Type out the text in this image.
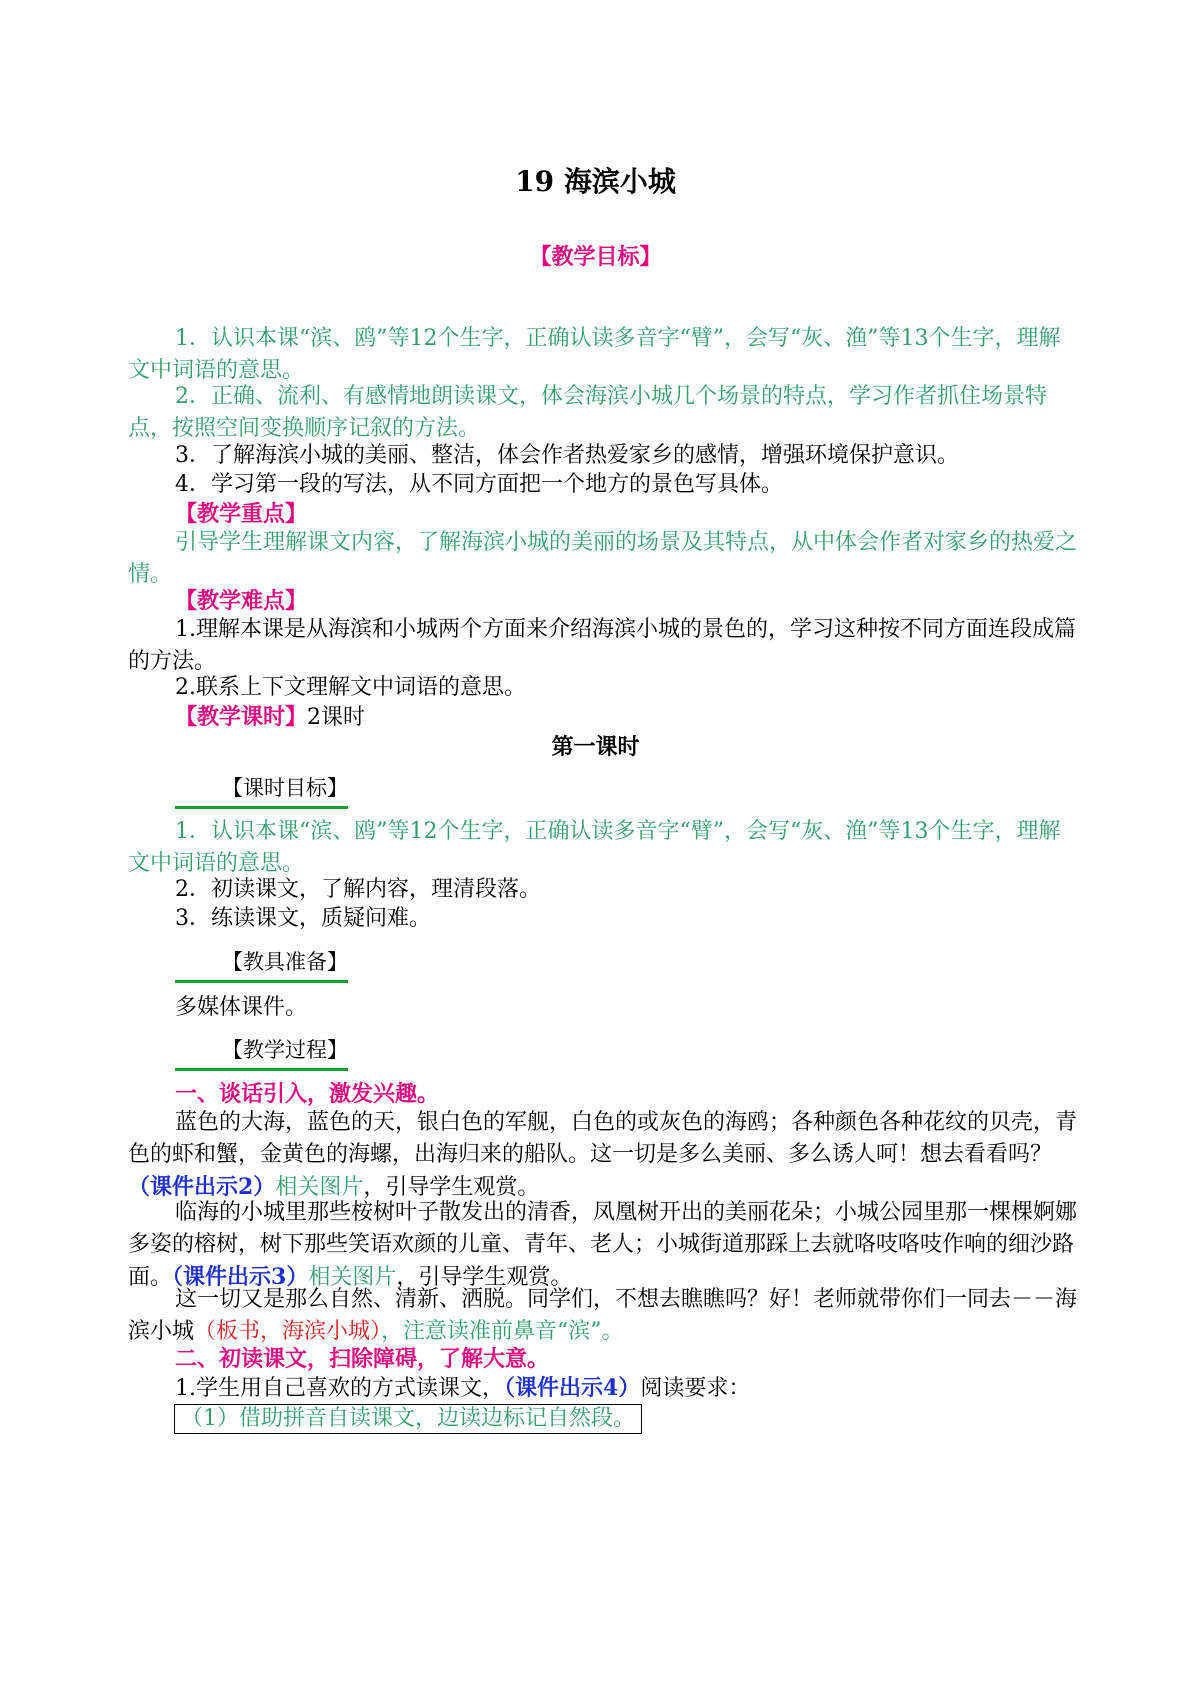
19 海滨小城
【教学目标】

1．认识本课“滨、鸥”等12个生字，正确认读多音字“臂”，会写“灰、渔”等13个生字，理解文中词语的意思。

2．正确、流利、有感情地朗读课文，体会海滨小城几个场景的特点，学习作者抓住场景特点，按照空间变换顺序记叙的方法。

3．了解海滨小城的美丽、整洁，体会作者热爱家乡的感情，增强环境保护意识。

4．学习第一段的写法，从不同方面把一个地方的景色写具体。

【教学重点】

引导学生理解课文内容，了解海滨小城的美丽的场景及其特点，从中体会作者对家乡的热爱之情。

【教学难点】

1.理解本课是从海滨和小城两个方面来介绍海滨小城的景色的，学习这种按不同方面连段成篇的方法。

2.联系上下文理解文中词语的意思。

【教学课时】2课时

第一课时

【课时目标】

1．认识本课“滨、鸥”等12个生字，正确认读多音字“臂”，会写“灰、渔”等13个生字，理解文中词语的意思。

2．初读课文，了解内容，理清段落。

3．练读课文，质疑问难。

【教具准备】

多媒体课件。

【教学过程】

一、谈话引入，激发兴趣。

蓝色的大海，蓝色的天，银白色的军舰，白色的或灰色的海鸥；各种颜色各种花纹的贝壳，青色的虾和蟹，金黄色的海螺，出海归来的船队。这一切是多么美丽、多么诱人呵！想去看看吗？（课件出示2）相关图片，引导学生观赏。

临海的小城里那些桉树叶子散发出的清香，凤凰树开出的美丽花朵；小城公园里那一棵棵婀娜多姿的榕树，树下那些笑语欢颜的儿童、青年、老人；小城街道那踩上去就咯吱咯吱作响的细沙路面。（课件出示3）相关图片，引导学生观赏。

这一切又是那么自然、清新、洒脱。同学们，不想去瞧瞧吗？好！老师就带你们一同去－－海滨小城（板书，海滨小城），注意读准前鼻音“滨”。

二、初读课文，扫除障碍，了解大意。

1.学生用自己喜欢的方式读课文，（课件出示4）阅读要求：

（1）借助拼音自读课文，边读边标记自然段。
